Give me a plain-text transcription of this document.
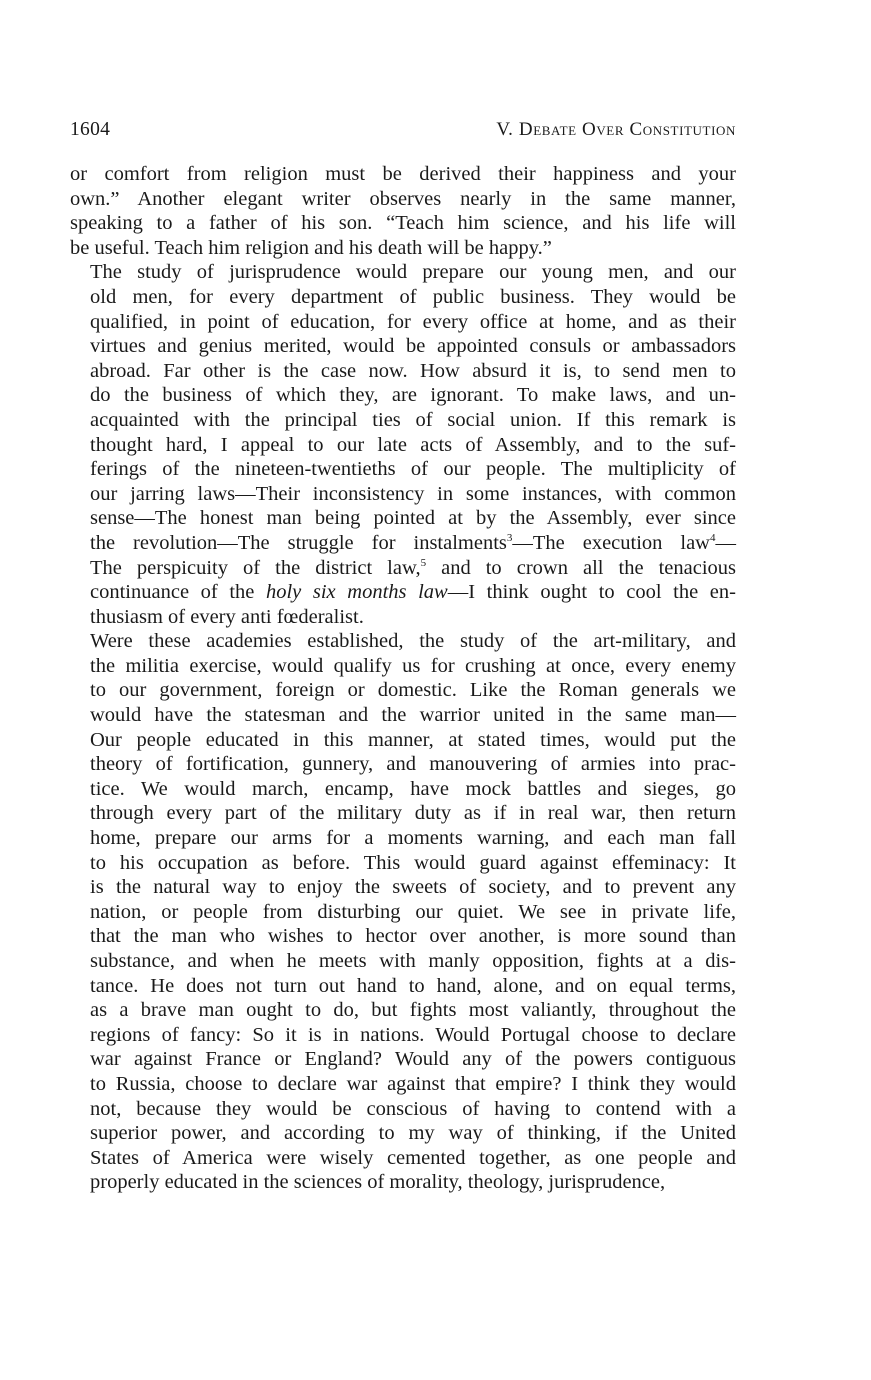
1604	V. Debate Over Constitution
or comfort from religion must be derived their happiness and your
own.” Another elegant writer observes nearly in the same manner,
speaking to a father of his son. “Teach him science, and his life will
be useful. Teach him religion and his death will be happy.”
The study of jurisprudence would prepare our young men, and our
old men, for every department of public business. They would be
qualified, in point of education, for every office at home, and as their
virtues and genius merited, would be appointed consuls or ambassadors
abroad. Far other is the case now. How absurd it is, to send men to
do the business of which they, are ignorant. To make laws, and un-
acquainted with the principal ties of social union. If this remark is
thought hard, I appeal to our late acts of Assembly, and to the suf-
ferings of the nineteen-twentieths of our people. The multiplicity of
our jarring laws—Their inconsistency in some instances, with common
sense—The honest man being pointed at by the Assembly, ever since
the revolution—The struggle for instalments$^3$—The execution law$^4$—
The perspicuity of the district law,$^5$ and to crown all the tenacious
continuance of the holy six months law—I think ought to cool the en-
thusiasm of every anti fœderalist.
Were these academies established, the study of the art-military, and
the militia exercise, would qualify us for crushing at once, every enemy
to our government, foreign or domestic. Like the Roman generals we
would have the statesman and the warrior united in the same man—
Our people educated in this manner, at stated times, would put the
theory of fortification, gunnery, and manouvering of armies into prac-
tice. We would march, encamp, have mock battles and sieges, go
through every part of the military duty as if in real war, then return
home, prepare our arms for a moments warning, and each man fall
to his occupation as before. This would guard against effeminacy: It
is the natural way to enjoy the sweets of society, and to prevent any
nation, or people from disturbing our quiet. We see in private life,
that the man who wishes to hector over another, is more sound than
substance, and when he meets with manly opposition, fights at a dis-
tance. He does not turn out hand to hand, alone, and on equal terms,
as a brave man ought to do, but fights most valiantly, throughout the
regions of fancy: So it is in nations. Would Portugal choose to declare
war against France or England? Would any of the powers contiguous
to Russia, choose to declare war against that empire? I think they would
not, because they would be conscious of having to contend with a
superior power, and according to my way of thinking, if the United
States of America were wisely cemented together, as one people and
properly educated in the sciences of morality, theology, jurisprudence,
